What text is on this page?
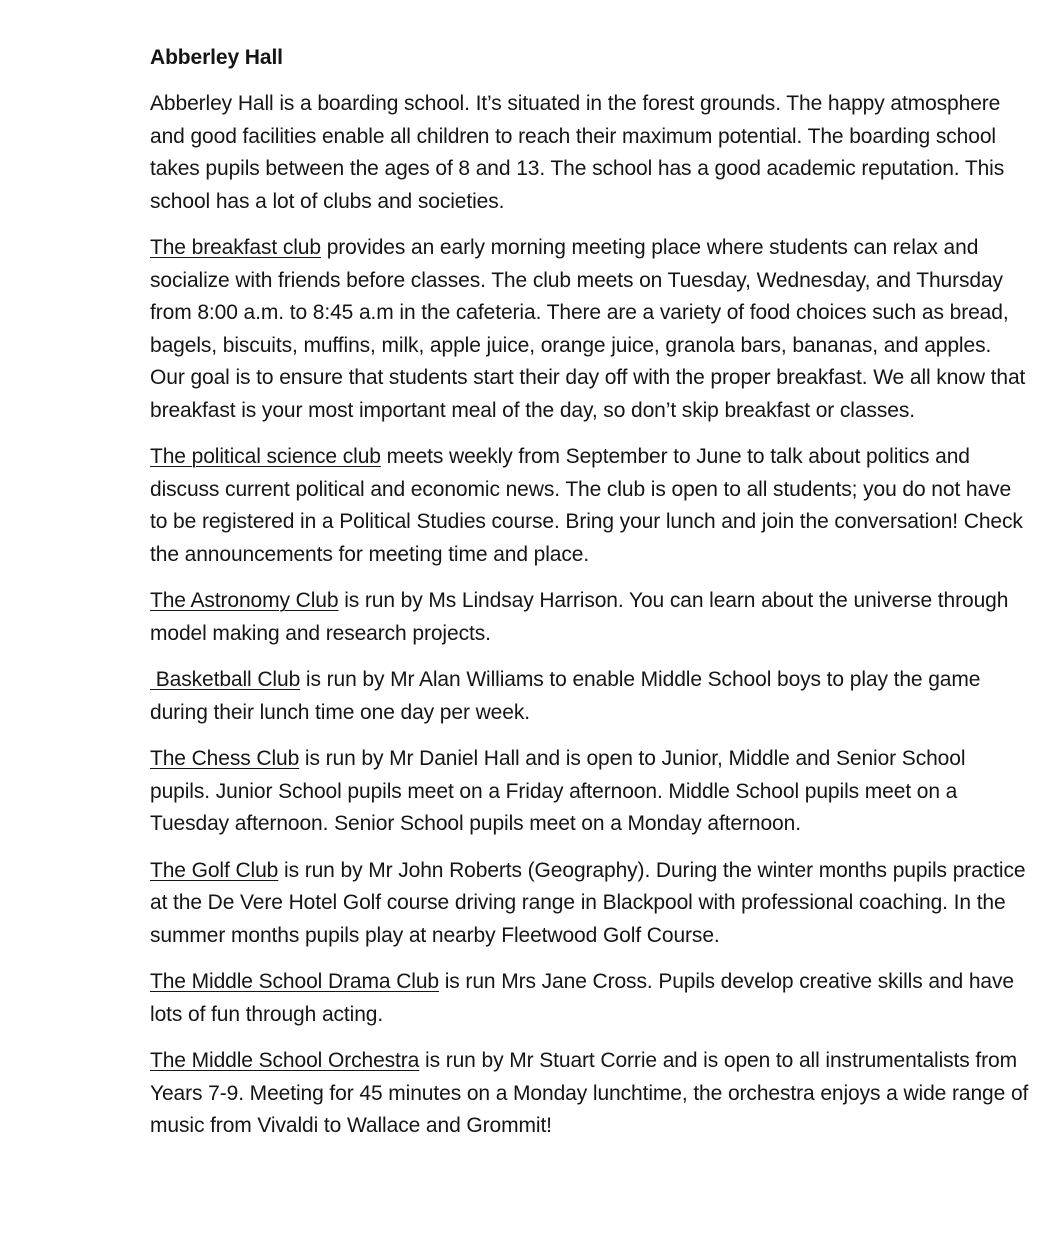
Abberley Hall

Abberley Hall is a boarding school. It’s situated in the forest grounds. The happy atmosphere and good facilities enable all children to reach their maximum potential. The boarding school takes pupils between the ages of 8 and 13. The school has a good academic reputation. This school has a lot of clubs and societies.

The breakfast club provides an early morning meeting place where students can relax and socialize with friends before classes. The club meets on Tuesday, Wednesday, and Thursday from 8:00 a.m. to 8:45 a.m in the cafeteria. There are a variety of food choices such as bread, bagels, biscuits, muffins, milk, apple juice, orange juice, granola bars, bananas, and apples. Our goal is to ensure that students start their day off with the proper breakfast. We all know that breakfast is your most important meal of the day, so don’t skip breakfast or classes.

The political science club meets weekly from September to June to talk about politics and discuss current political and economic news. The club is open to all students; you do not have to be registered in a Political Studies course. Bring your lunch and join the conversation! Check the announcements for meeting time and place.

The Astronomy Club is run by Ms Lindsay Harrison. You can learn about the universe through model making and research projects.

Basketball Club is run by Mr Alan Williams to enable Middle School boys to play the game during their lunch time one day per week.

The Chess Club is run by Mr Daniel Hall and is open to Junior, Middle and Senior School pupils. Junior School pupils meet on a Friday afternoon. Middle School pupils meet on a Tuesday afternoon. Senior School pupils meet on a Monday afternoon.

The Golf Club is run by Mr John Roberts (Geography). During the winter months pupils practice at the De Vere Hotel Golf course driving range in Blackpool with professional coaching. In the summer months pupils play at nearby Fleetwood Golf Course.

The Middle School Drama Club is run Mrs Jane Cross. Pupils develop creative skills and have lots of fun through acting.

The Middle School Orchestra is run by Mr Stuart Corrie and is open to all instrumentalists from Years 7-9. Meeting for 45 minutes on a Monday lunchtime, the orchestra enjoys a wide range of music from Vivaldi to Wallace and Grommit!
